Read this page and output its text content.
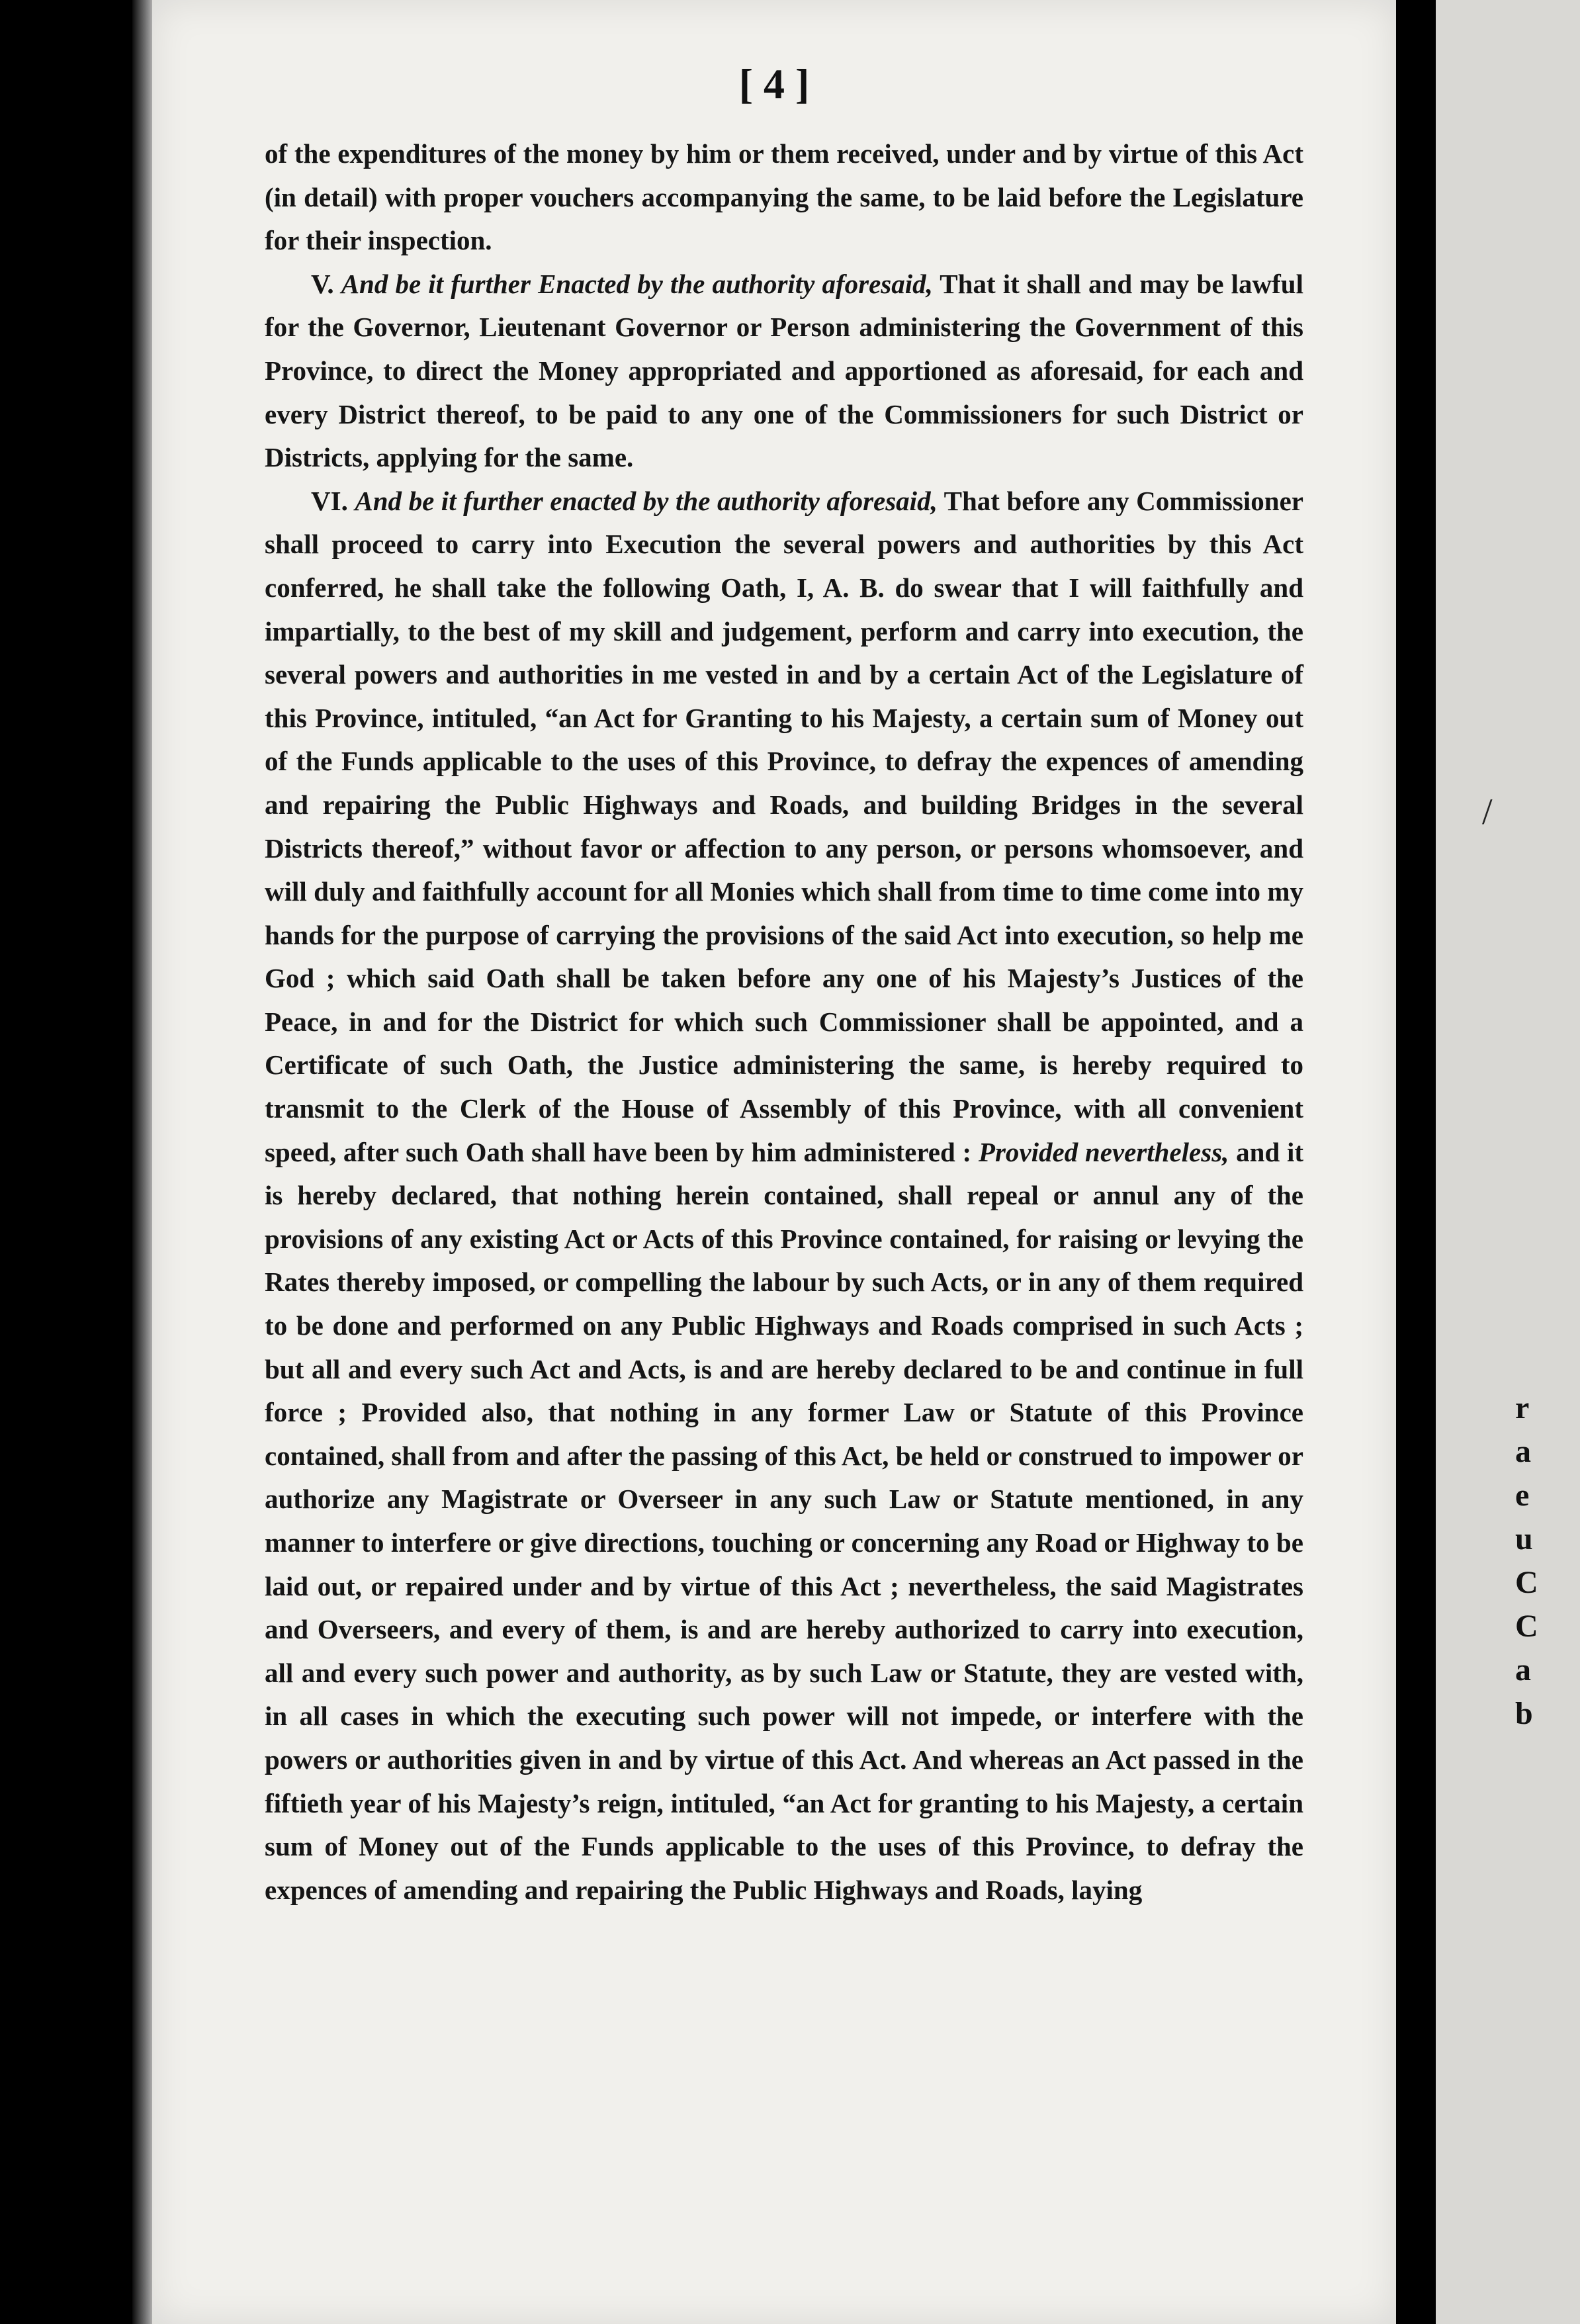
[ 4 ]

of the expenditures of the money by him or them received, under and by virtue of this Act (in detail) with proper vouchers accompanying the same, to be laid before the Legislature for their inspection.

V. And be it further Enacted by the authority aforesaid, That it shall and may be lawful for the Governor, Lieutenant Governor or Person administering the Government of this Province, to direct the Money appropriated and apportioned as aforesaid, for each and every District thereof, to be paid to any one of the Commissioners for such District or Districts, applying for the same.

VI. And be it further enacted by the authority aforesaid, That before any Commissioner shall proceed to carry into Execution the several powers and authorities by this Act conferred, he shall take the following Oath, I, A. B. do swear that I will faithfully and impartially, to the best of my skill and judgement, perform and carry into execution, the several powers and authorities in me vested in and by a certain Act of the Legislature of this Province, intituled, “an Act for Granting to his Majesty, a certain sum of Money out of the Funds applicable to the uses of this Province, to defray the expences of amending and repairing the Public Highways and Roads, and building Bridges in the several Districts thereof,” without favor or affection to any person, or persons whomsoever, and will duly and faithfully account for all Monies which shall from time to time come into my hands for the purpose of carrying the provisions of the said Act into execution, so help me God ; which said Oath shall be taken before any one of his Majesty’s Justices of the Peace, in and for the District for which such Commissioner shall be appointed, and a Certificate of such Oath, the Justice administering the same, is hereby required to transmit to the Clerk of the House of Assembly of this Province, with all convenient speed, after such Oath shall have been by him administered : Provided nevertheless, and it is hereby declared, that nothing herein contained, shall repeal or annul any of the provisions of any existing Act or Acts of this Province contained, for raising or levying the Rates thereby imposed, or compelling the labour by such Acts, or in any of them required to be done and performed on any Public Highways and Roads comprised in such Acts ; but all and every such Act and Acts, is and are hereby declared to be and continue in full force ; Provided also, that nothing in any former Law or Statute of this Province contained, shall from and after the passing of this Act, be held or construed to impower or authorize any Magistrate or Overseer in any such Law or Statute mentioned, in any manner to interfere or give directions, touching or concerning any Road or Highway to be laid out, or repaired under and by virtue of this Act ; nevertheless, the said Magistrates and Overseers, and every of them, is and are hereby authorized to carry into execution, all and every such power and authority, as by such Law or Statute, they are vested with, in all cases in which the executing such power will not impede, or interfere with the powers or authorities given in and by virtue of this Act. And whereas an Act passed in the fiftieth year of his Majesty’s reign, intituled, “an Act for granting to his Majesty, a certain sum of Money out of the Funds applicable to the uses of this Province, to defray the expences of amending and repairing the Public Highways and Roads, laying

/
r
a
e
u
C
C
a
b
